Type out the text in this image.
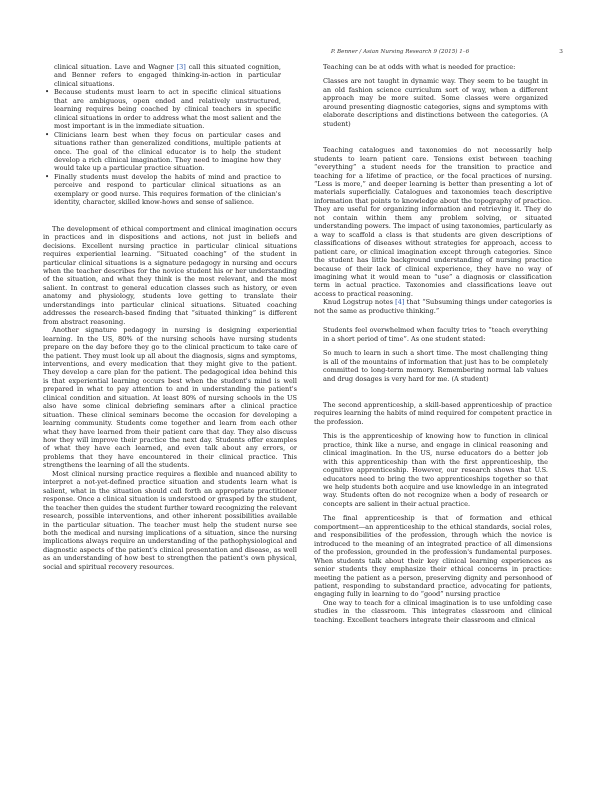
P. Benner / Asian Nursing Research 9 (2015) 1–6	3

clinical situation. Lave and Wagner [3] call this situated cognition, and Benner refers to engaged thinking-in-action in particular clinical situations.

• Because students must learn to act in specific clinical situations that are ambiguous, open ended and relatively unstructured, learning requires being coached by clinical teachers in specific clinical situations in order to address what the most salient and the most important is in the immediate situation.
• Clinicians learn best when they focus on particular cases and situations rather than generalized conditions, multiple patients at once. The goal of the clinical educator is to help the student develop a rich clinical imagination. They need to imagine how they would take up a particular practice situation.
• Finally students must develop the habits of mind and practice to perceive and respond to particular clinical situations as an exemplary or good nurse. This requires formation of the clinician's identity, character, skilled know-hows and sense of salience.

The development of ethical comportment and clinical imagination occurs in practices and in dispositions and actions, not just in beliefs and decisions. Excellent nursing practice in particular clinical situations requires experiential learning. “Situated coaching” of the student in particular clinical situations is a signature pedagogy in nursing and occurs when the teacher describes for the novice student his or her understanding of the situation, and what they think is the most relevant, and the most salient. In contrast to general education classes such as history, or even anatomy and physiology, students love getting to translate their understandings into particular clinical situations. Situated coaching addresses the research-based finding that “situated thinking” is different from abstract reasoning.

Another signature pedagogy in nursing is designing experiential learning. In the US, 80% of the nursing schools have nursing students prepare on the day before they go to the clinical practicum to take care of the patient. They must look up all about the diagnosis, signs and symptoms, interventions, and every medication that they might give to the patient. They develop a care plan for the patient. The pedagogical idea behind this is that experiential learning occurs best when the student's mind is well prepared in what to pay attention to and in understanding the patient's clinical condition and situation. At least 80% of nursing schools in the US also have some clinical debriefing seminars after a clinical practice situation. These clinical seminars become the occasion for developing a learning community. Students come together and learn from each other what they have learned from their patient care that day. They also discuss how they will improve their practice the next day. Students offer examples of what they have each learned, and even talk about any errors, or problems that they have encountered in their clinical practice. This strengthens the learning of all the students.

Most clinical nursing practice requires a flexible and nuanced ability to interpret a not-yet-defined practice situation and students learn what is salient, what in the situation should call forth an appropriate practitioner response. Once a clinical situation is understood or grasped by the student, the teacher then guides the student further toward recognizing the relevant research, possible interventions, and other inherent possibilities available in the particular situation. The teacher must help the student nurse see both the medical and nursing implications of a situation, since the nursing implications always require an understanding of the pathophysiological and diagnostic aspects of the patient's clinical presentation and disease, as well as an understanding of how best to strengthen the patient's own physical, social and spiritual recovery resources.

Teaching can be at odds with what is needed for practice:

Classes are not taught in dynamic way. They seem to be taught in an old fashion science curriculum sort of way, when a different approach may be more suited. Some classes were organized around presenting diagnostic categories, signs and symptoms with elaborate descriptions and distinctions between the categories. (A student)

Teaching catalogues and taxonomies do not necessarily help students to learn patient care. Tensions exist between teaching “everything” a student needs for the transition to practice and teaching for a lifetime of practice, or the focal practices of nursing. “Less is more,” and deeper learning is better than presenting a lot of materials superficially. Catalogues and taxonomies teach descriptive information that points to knowledge about the topography of practice. They are useful for organizing information and retrieving it. They do not contain within them any problem solving, or situated understanding powers. The impact of using taxonomies, particularly as a way to scaffold a class is that students are given descriptions of classifications of diseases without strategies for approach, access to patient care, or clinical imagination except through categories. Since the student has little background understanding of nursing practice because of their lack of clinical experience, they have no way of imagining what it would mean to “use” a diagnosis or classification term in actual practice. Taxonomies and classifications leave out access to practical reasoning.

Knud Logstrup notes [4] that “Subsuming things under categories is not the same as productive thinking.”

Students feel overwhelmed when faculty tries to “teach everything in a short period of time”. As one student stated:

So much to learn in such a short time. The most challenging thing is all of the mountains of information that just has to be completely committed to long-term memory. Remembering normal lab values and drug dosages is very hard for me. (A student)

The second apprenticeship, a skill-based apprenticeship of practice requires learning the habits of mind required for competent practice in the profession.

This is the apprenticeship of knowing how to function in clinical practice, think like a nurse, and engage in clinical reasoning and clinical imagination. In the US, nurse educators do a better job with this apprenticeship than with the first apprenticeship, the cognitive apprenticeship. However, our research shows that U.S. educators need to bring the two apprenticeships together so that we help students both acquire and use knowledge in an integrated way. Students often do not recognize when a body of research or concepts are salient in their actual practice.

The final apprenticeship is that of formation and ethical comportment—an apprenticeship to the ethical standards, social roles, and responsibilities of the profession, through which the novice is introduced to the meaning of an integrated practice of all dimensions of the profession, grounded in the profession's fundamental purposes. When students talk about their key clinical learning experiences as senior students they emphasize their ethical concerns in practice: meeting the patient as a person, preserving dignity and personhood of patient, responding to substandard practice, advocating for patients, engaging fully in learning to do “good” nursing practice

One way to teach for a clinical imagination is to use unfolding case studies in the classroom. This integrates classroom and clinical teaching. Excellent teachers integrate their classroom and clinical
